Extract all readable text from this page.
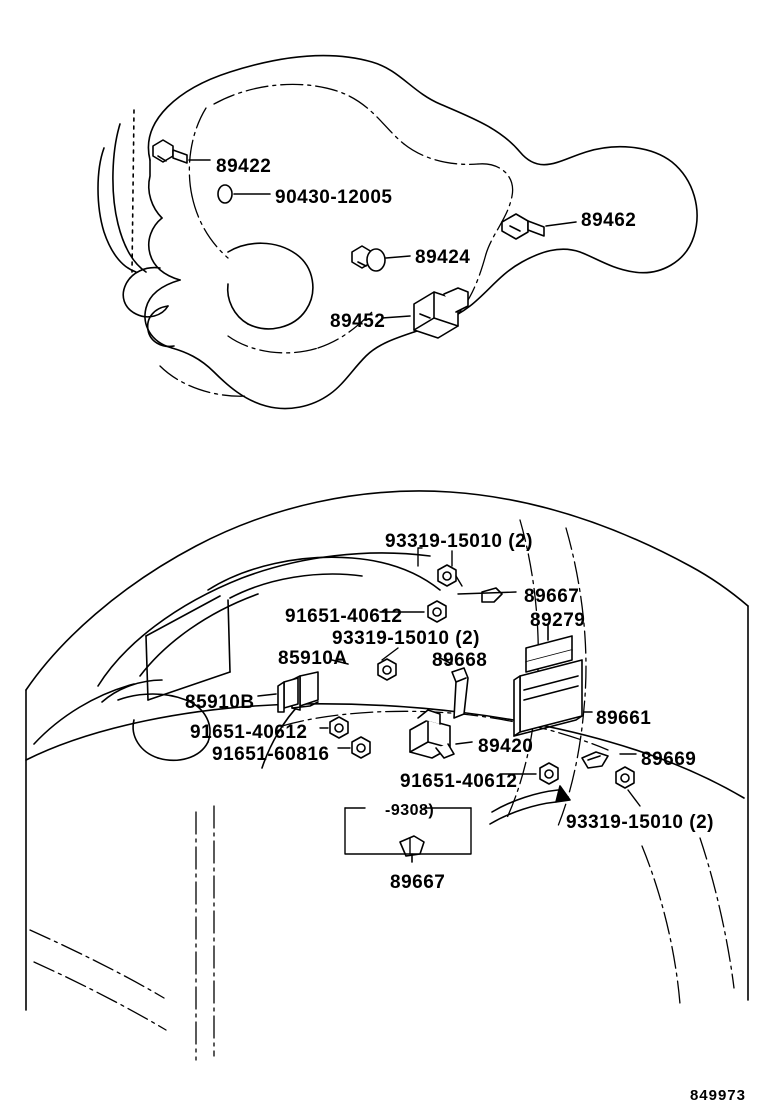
89422
90430-12005
89462
89424
89452
93319-15010 (2)
89667
89279
91651-40612
93319-15010 (2)
85910A	89668
85910B
89661
91651-40612
91651-60816	89420
89669
91651-40612
93319-15010 (2)
-9308)
89667
849973
